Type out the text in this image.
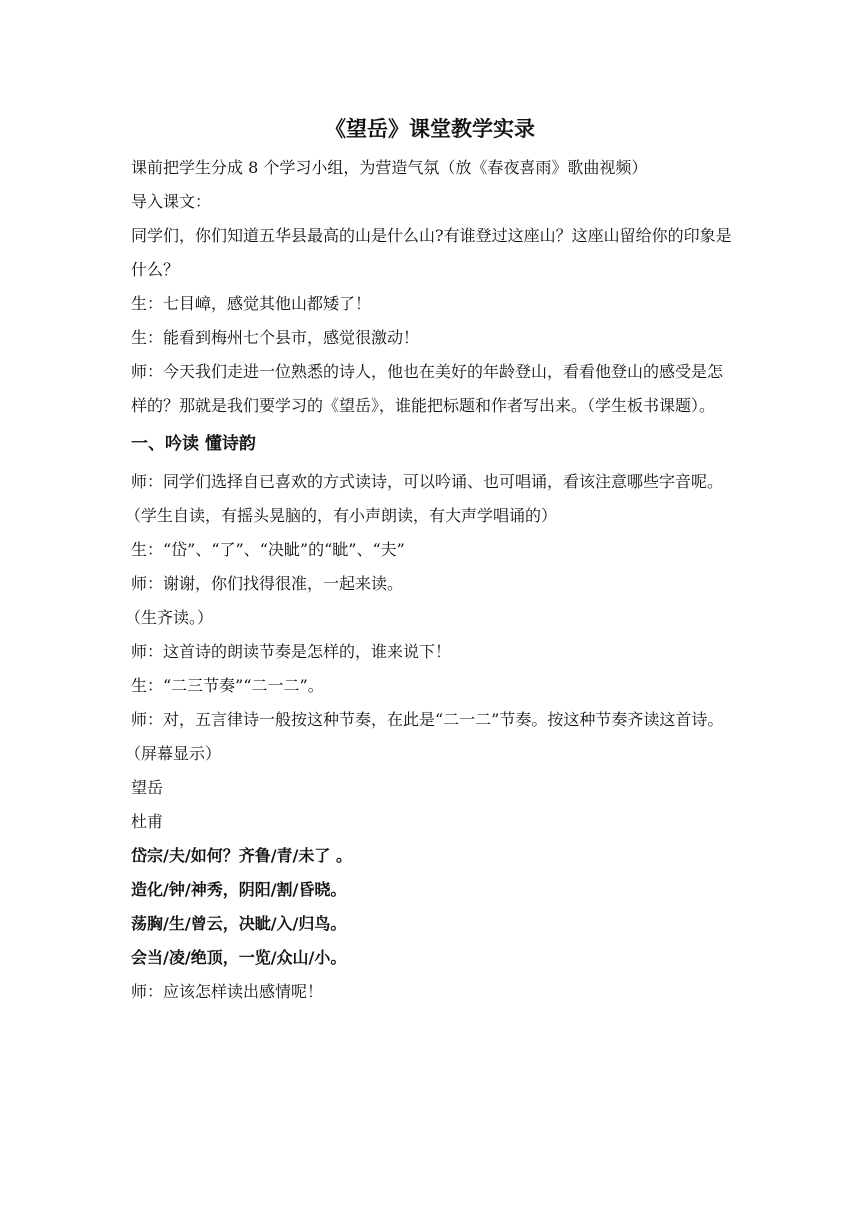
《望岳》课堂教学实录

课前把学生分成 8 个学习小组，为营造气氛（放《春夜喜雨》歌曲视频）

导入课文：

同学们，你们知道五华县最高的山是什么山?有谁登过这座山？这座山留给你的印象是什么？

生：七目嶂，感觉其他山都矮了！

生：能看到梅州七个县市，感觉很激动！

师：今天我们走进一位熟悉的诗人，他也在美好的年龄登山，看看他登山的感受是怎样的？那就是我们要学习的《望岳》，谁能把标题和作者写出来。（学生板书课题）。

一、吟读 懂诗韵

师：同学们选择自已喜欢的方式读诗，可以吟诵、也可唱诵，看该注意哪些字音呢。

（学生自读，有摇头晃脑的，有小声朗读，有大声学唱诵的）

生：“岱”、“了”、“决眦”的“眦”、“夫”

师：谢谢，你们找得很准，一起来读。

（生齐读。）

师：这首诗的朗读节奏是怎样的，谁来说下！

生：“二三节奏”“二一二”。

师：对，五言律诗一般按这种节奏，在此是“二一二”节奏。按这种节奏齐读这首诗。

（屏幕显示）

望岳

杜甫

岱宗/夫/如何？齐鲁/青/未了 。

造化/钟/神秀，阴阳/割/昏晓。

荡胸/生/曾云，决眦/入/归鸟。

会当/凌/绝顶，一览/众山/小。

师：应该怎样读出感情呢！
